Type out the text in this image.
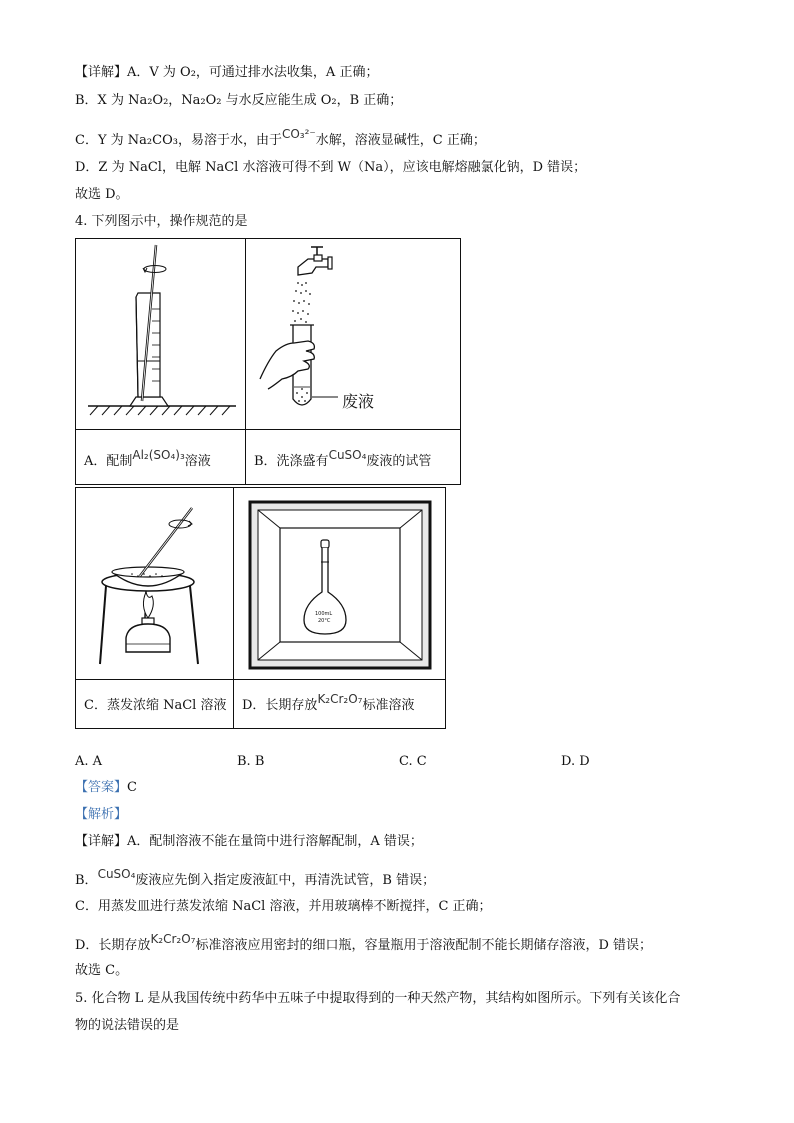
【详解】A．V 为 O₂，可通过排水法收集，A 正确；
B．X 为 Na₂O₂，Na₂O₂ 与水反应能生成 O₂，B 正确；
C．Y 为 Na₂CO₃，易溶于水，由于CO₃²⁻水解，溶液显碱性，C 正确；
D．Z 为 NaCl，电解 NaCl 水溶液可得不到 W（Na），应该电解熔融氯化钠，D 错误；
故选 D。
4. 下列图示中，操作规范的是
废液
A．配制Al₂(SO₄)₃溶液	B．洗涤盛有CuSO₄废液的试管
100mL
20°C
C．蒸发浓缩 NaCl 溶液 D．长期存放K₂Cr₂O₇标准溶液
A. A	B. B	C. C	D. D
【答案】C
【解析】
【详解】A．配制溶液不能在量筒中进行溶解配制，A 错误；
B．CuSO₄废液应先倒入指定废液缸中，再清洗试管，B 错误；
C．用蒸发皿进行蒸发浓缩 NaCl 溶液，并用玻璃棒不断搅拌，C 正确；
D．长期存放K₂Cr₂O₇标准溶液应用密封的细口瓶，容量瓶用于溶液配制不能长期储存溶液，D 错误；
故选 C。
5. 化合物 L 是从我国传统中药华中五味子中提取得到的一种天然产物，其结构如图所示。下列有关该化合
物的说法错误的是
